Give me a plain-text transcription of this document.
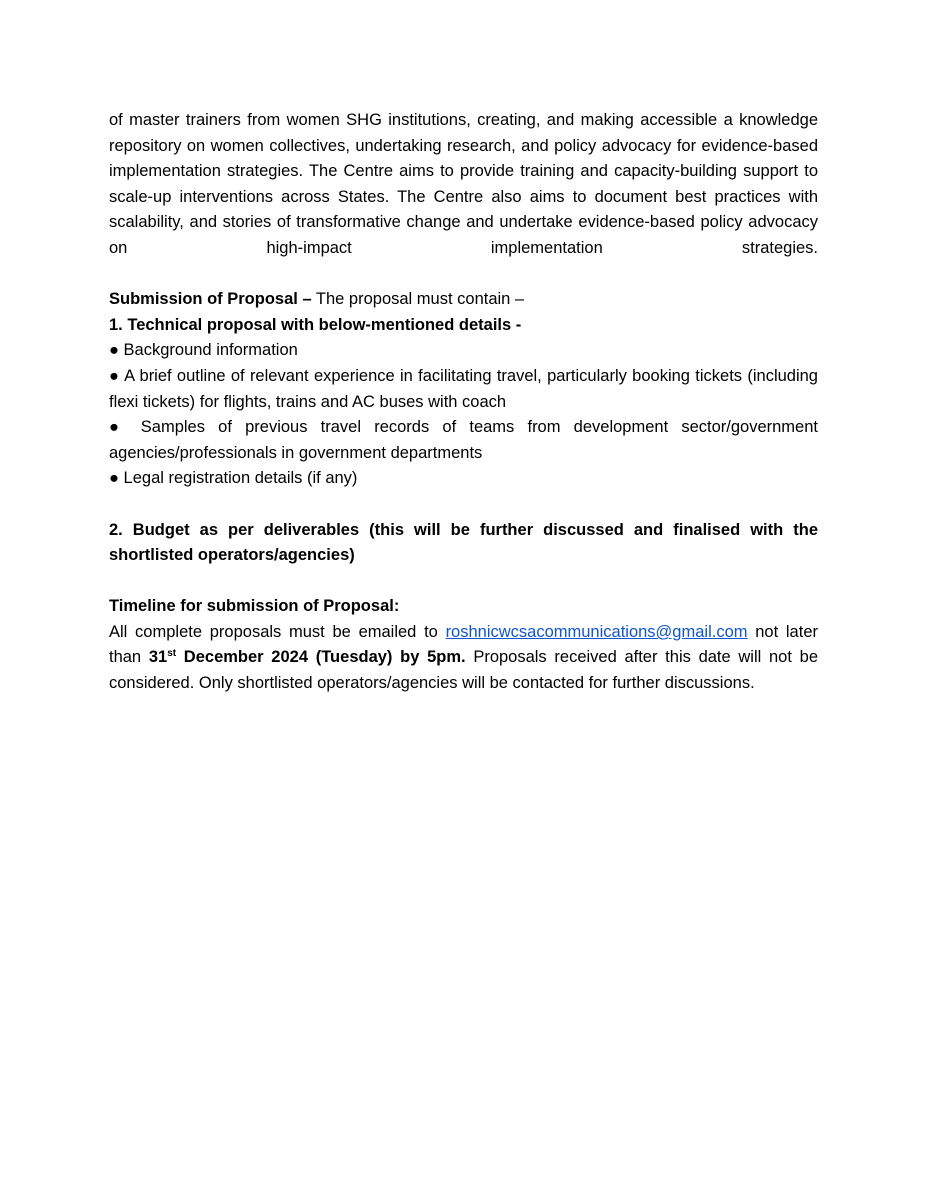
of master trainers from women SHG institutions, creating, and making accessible a knowledge repository on women collectives, undertaking research, and policy advocacy for evidence-based implementation strategies. The Centre aims to provide training and capacity-building support to scale-up interventions across States. The Centre also aims to document best practices with scalability, and stories of transformative change and undertake evidence-based policy advocacy on high-impact implementation strategies.

Submission of Proposal – The proposal must contain –

1. Technical proposal with below-mentioned details -

● Background information
● A brief outline of relevant experience in facilitating travel, particularly booking tickets (including flexi tickets) for flights, trains and AC buses with coach
● Samples of previous travel records of teams from development sector/government agencies/professionals in government departments
● Legal registration details (if any)

2. Budget as per deliverables (this will be further discussed and finalised with the shortlisted operators/agencies)

Timeline for submission of Proposal:

All complete proposals must be emailed to roshnicwcsacommunications@gmail.com not later than 31st December 2024 (Tuesday) by 5pm. Proposals received after this date will not be considered. Only shortlisted operators/agencies will be contacted for further discussions.
